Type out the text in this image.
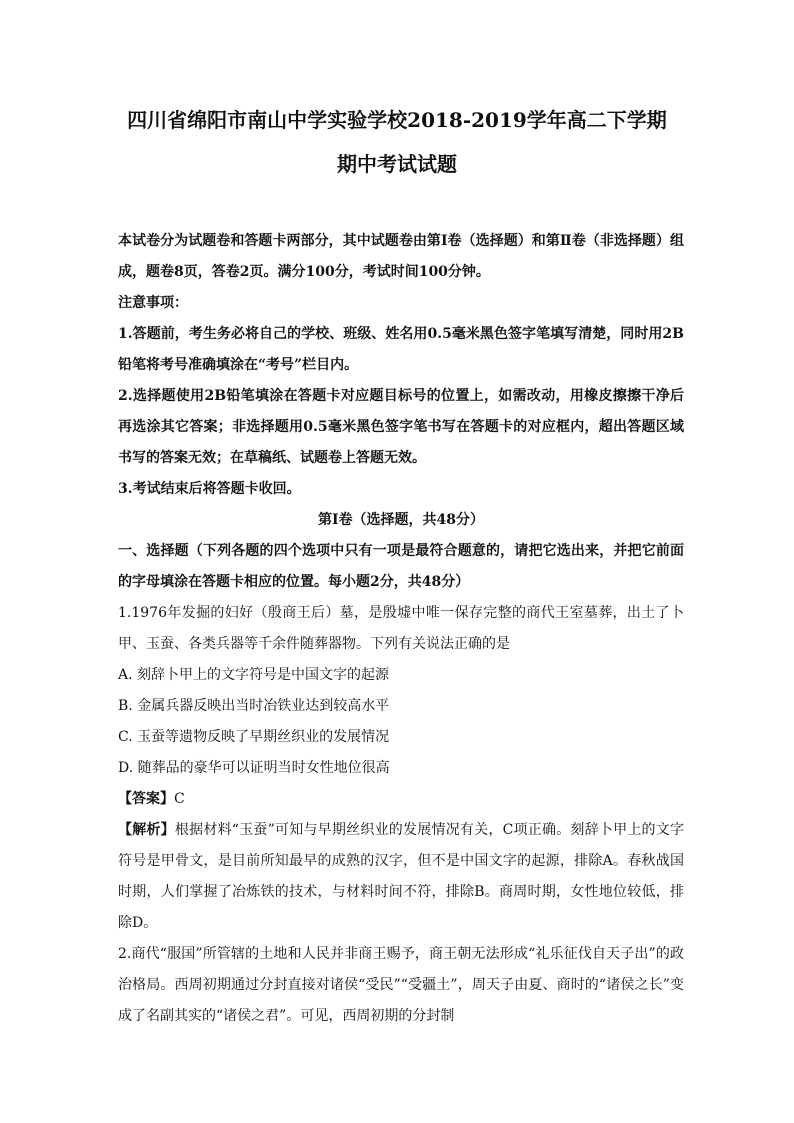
四川省绵阳市南山中学实验学校2018-2019学年高二下学期
期中考试试题

本试卷分为试题卷和答题卡两部分，其中试题卷由第Ⅰ卷（选择题）和第Ⅱ卷（非选择题）组成，题卷8页，答卷2页。满分100分，考试时间100分钟。

注意事项：

1.答题前，考生务必将自己的学校、班级、姓名用0.5毫米黑色签字笔填写清楚，同时用2B铅笔将考号准确填涂在“考号”栏目内。

2.选择题使用2B铅笔填涂在答题卡对应题目标号的位置上，如需改动，用橡皮擦擦干净后再选涂其它答案；非选择题用0.5毫米黑色签字笔书写在答题卡的对应框内，超出答题区域书写的答案无效；在草稿纸、试题卷上答题无效。

3.考试结束后将答题卡收回。

第Ⅰ卷（选择题，共48分）

一、选择题（下列各题的四个选项中只有一项是最符合题意的，请把它选出来，并把它前面的字母填涂在答题卡相应的位置。每小题2分，共48分）

1.1976年发掘的妇好（殷商王后）墓，是殷墟中唯一保存完整的商代王室墓葬，出土了卜甲、玉蚕、各类兵器等千余件随葬器物。下列有关说法正确的是

A. 刻辞卜甲上的文字符号是中国文字的起源

B. 金属兵器反映出当时冶铁业达到较高水平

C. 玉蚕等遗物反映了早期丝织业的发展情况

D. 随葬品的豪华可以证明当时女性地位很高

【答案】C

【解析】根据材料“玉蚕”可知与早期丝织业的发展情况有关，C项正确。刻辞卜甲上的文字符号是甲骨文，是目前所知最早的成熟的汉字，但不是中国文字的起源，排除A。春秋战国时期，人们掌握了冶炼铁的技术，与材料时间不符，排除B。商周时期，女性地位较低，排除D。

2.商代“服国”所管辖的土地和人民并非商王赐予，商王朝无法形成“礼乐征伐自天子出”的政治格局。西周初期通过分封直接对诸侯“受民”“受疆土”，周天子由夏、商时的“诸侯之长”变成了名副其实的“诸侯之君”。可见，西周初期的分封制
